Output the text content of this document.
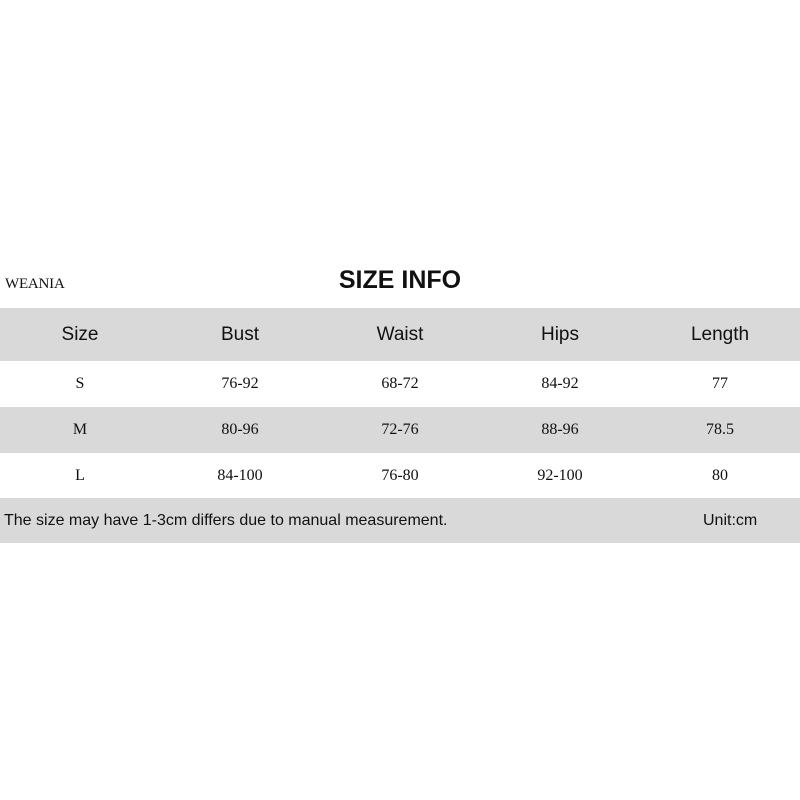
WEANIA	SIZE INFO
Size	Bust	Waist	Hips	Length
S	76-92	68-72	84-92	77
M	80-96	72-76	88-96	78.5
L	84-100	76-80	92-100	80
The size may have 1-3cm differs due to manual measurement.	Unit:cm
